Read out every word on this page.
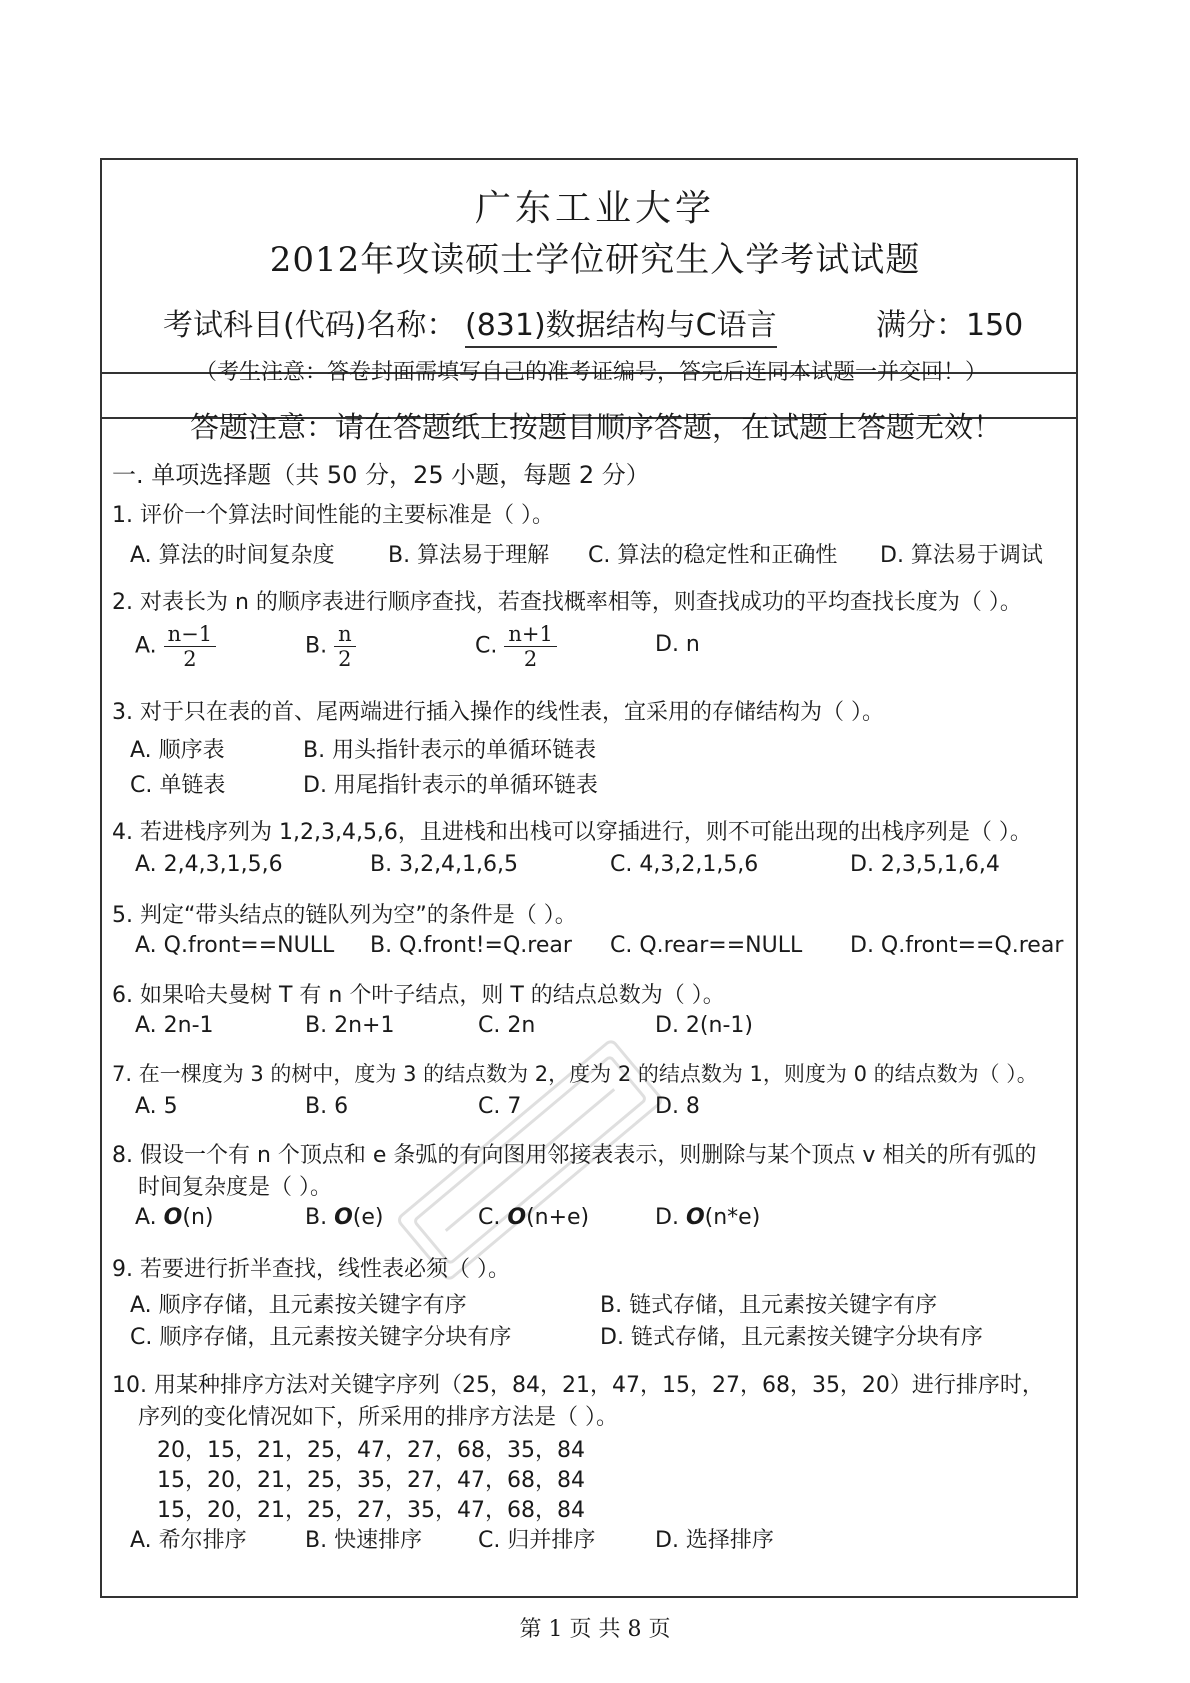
广东工业大学
2012年攻读硕士学位研究生入学考试试题
考试科目(代码)名称： (831)数据结构与C语言	满分：150
（考生注意：答卷封面需填写自己的准考证编号，答完后连同本试题一并交回！）
答题注意：请在答题纸上按题目顺序答题，在试题上答题无效！
一. 单项选择题（共 50 分，25 小题，每题 2 分）
1. 评价一个算法时间性能的主要标准是（ ）。
A. 算法的时间复杂度 B. 算法易于理解 C. 算法的稳定性和正确性 D. 算法易于调试
2. 对表长为 n 的顺序表进行顺序查找，若查找概率相等，则查找成功的平均查找长度为（ ）。
A. $\frac{n-1}{2}$	B. $\frac{n}{2}$	C. $\frac{n+1}{2}$	D. n
3. 对于只在表的首、尾两端进行插入操作的线性表，宜采用的存储结构为（ ）。
A. 顺序表	B. 用头指针表示的单循环链表
C. 单链表	D. 用尾指针表示的单循环链表
4. 若进栈序列为 1,2,3,4,5,6，且进栈和出栈可以穿插进行，则不可能出现的出栈序列是（ ）。
A. 2,4,3,1,5,6	B. 3,2,4,1,6,5	C. 4,3,2,1,5,6	D. 2,3,5,1,6,4
5. 判定“带头结点的链队列为空”的条件是（ ）。
A. Q.front==NULL B. Q.front!=Q.rear C. Q.rear==NULL D. Q.front==Q.rear
6. 如果哈夫曼树 T 有 n 个叶子结点，则 T 的结点总数为（ ）。
A. 2n-1	B. 2n+1	C. 2n	D. 2(n-1)
7. 在一棵度为 3 的树中，度为 3 的结点数为 2，度为 2 的结点数为 1，则度为 0 的结点数为（ ）。
A. 5	B. 6	C. 7	D. 8
8. 假设一个有 n 个顶点和 e 条弧的有向图用邻接表表示，则删除与某个顶点 v 相关的所有弧的
时间复杂度是（ ）。
A. O(n)	B. O(e)	C. O(n+e)	D. O(n*e)
9. 若要进行折半查找，线性表必须（ ）。
A. 顺序存储，且元素按关键字有序	B. 链式存储，且元素按关键字有序
C. 顺序存储，且元素按关键字分块有序	D. 链式存储，且元素按关键字分块有序
10. 用某种排序方法对关键字序列（25，84，21，47，15，27，68，35，20）进行排序时，
序列的变化情况如下，所采用的排序方法是（ ）。
20，15，21，25，47，27，68，35，84
15，20，21，25，35，27，47，68，84
15，20，21，25，27，35，47，68，84
A. 希尔排序	B. 快速排序	C. 归并排序	D. 选择排序
第 1 页 共 8 页
